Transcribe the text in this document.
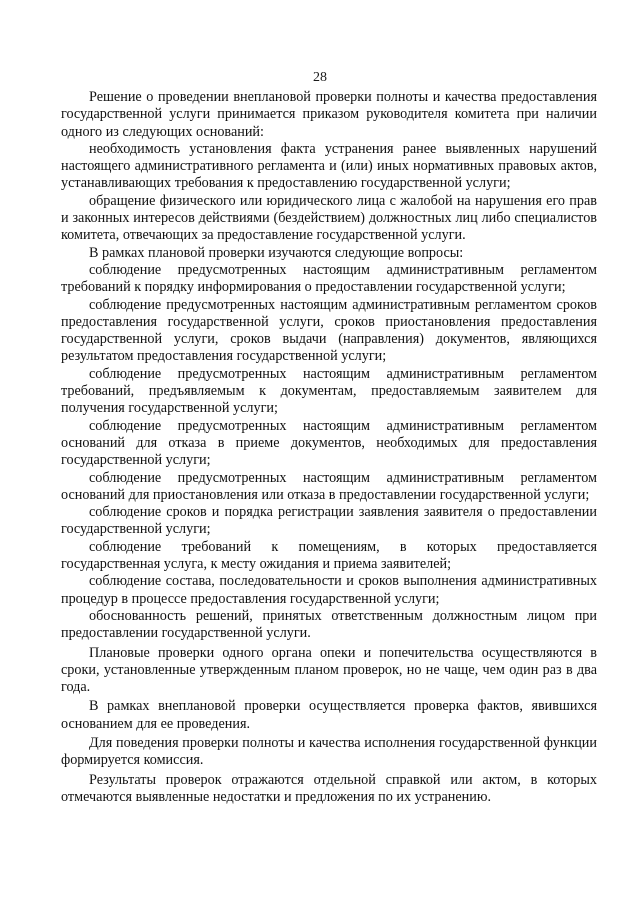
28

Решение о проведении внеплановой проверки полноты и качества предоставления государственной услуги принимается приказом руководителя комитета при наличии одного из следующих оснований:

необходимость установления факта устранения ранее выявленных нарушений настоящего административного регламента и (или) иных нормативных правовых актов, устанавливающих требования к предоставлению государственной услуги;

обращение физического или юридического лица с жалобой на нарушения его прав и законных интересов действиями (бездействием) должностных лиц либо специалистов комитета, отвечающих за предоставление государственной услуги.

В рамках плановой проверки изучаются следующие вопросы:

соблюдение предусмотренных настоящим административным регламентом требований к порядку информирования о предоставлении государственной услуги;

соблюдение предусмотренных настоящим административным регламентом сроков предоставления государственной услуги, сроков приостановления предоставления государственной услуги, сроков выдачи (направления) документов, являющихся результатом предоставления государственной услуги;

соблюдение предусмотренных настоящим административным регламентом требований, предъявляемым к документам, предоставляемым заявителем для получения государственной услуги;

соблюдение предусмотренных настоящим административным регламентом оснований для отказа в приеме документов, необходимых для предоставления государственной услуги;

соблюдение предусмотренных настоящим административным регламентом оснований для приостановления или отказа в предоставлении государственной услуги;

соблюдение сроков и порядка регистрации заявления заявителя о предоставлении государственной услуги;

соблюдение требований к помещениям, в которых предоставляется государственная услуга, к месту ожидания и приема заявителей;

соблюдение состава, последовательности и сроков выполнения административных процедур в процессе предоставления государственной услуги;

обоснованность решений, принятых ответственным должностным лицом при предоставлении государственной услуги.

Плановые проверки одного органа опеки и попечительства осуществляются в сроки, установленные утвержденным планом проверок, но не чаще, чем один раз в два года.

В рамках внеплановой проверки осуществляется проверка фактов, явившихся основанием для ее проведения.

Для поведения проверки полноты и качества исполнения государственной функции формируется комиссия.

Результаты проверок отражаются отдельной справкой или актом, в которых отмечаются выявленные недостатки и предложения по их устранению.
